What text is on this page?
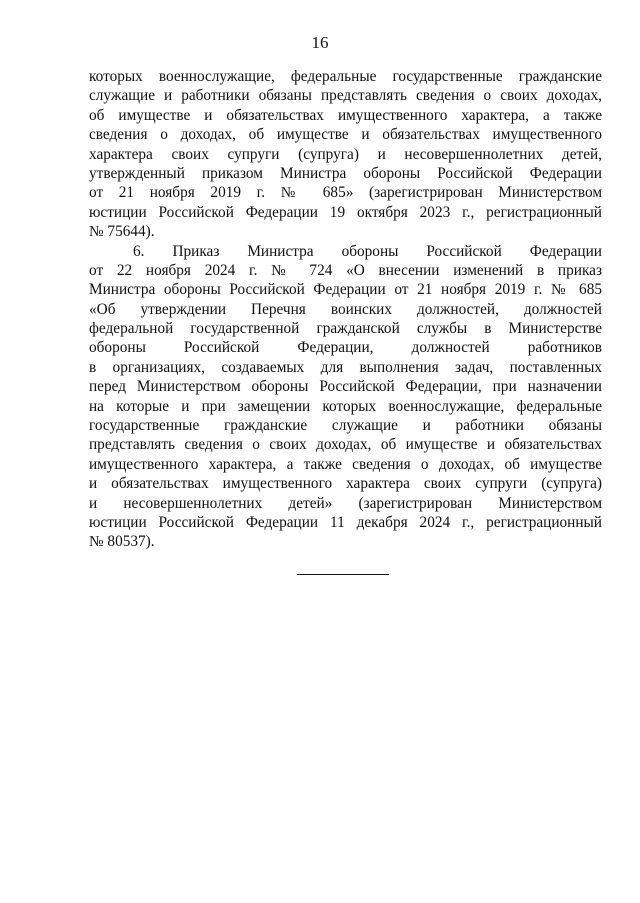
16
которых военнослужащие, федеральные государственные гражданские
служащие и работники обязаны представлять сведения о своих доходах,
об имуществе и обязательствах имущественного характера, а также
сведения о доходах, об имуществе и обязательствах имущественного
характера своих супруги (супруга) и несовершеннолетних детей,
утвержденный приказом Министра обороны Российской Федерации
от 21 ноября 2019 г. № 685» (зарегистрирован Министерством
юстиции Российской Федерации 19 октября 2023 г., регистрационный
№ 75644).
6. Приказ Министра обороны Российской Федерации
от 22 ноября 2024 г. № 724 «О внесении изменений в приказ
Министра обороны Российской Федерации от 21 ноября 2019 г. № 685
«Об утверждении Перечня воинских должностей, должностей
федеральной государственной гражданской службы в Министерстве
обороны Российской Федерации, должностей работников
в организациях, создаваемых для выполнения задач, поставленных
перед Министерством обороны Российской Федерации, при назначении
на которые и при замещении которых военнослужащие, федеральные
государственные гражданские служащие и работники обязаны
представлять сведения о своих доходах, об имуществе и обязательствах
имущественного характера, а также сведения о доходах, об имуществе
и обязательствах имущественного характера своих супруги (супруга)
и несовершеннолетних детей» (зарегистрирован Министерством
юстиции Российской Федерации 11 декабря 2024 г., регистрационный
№ 80537).
